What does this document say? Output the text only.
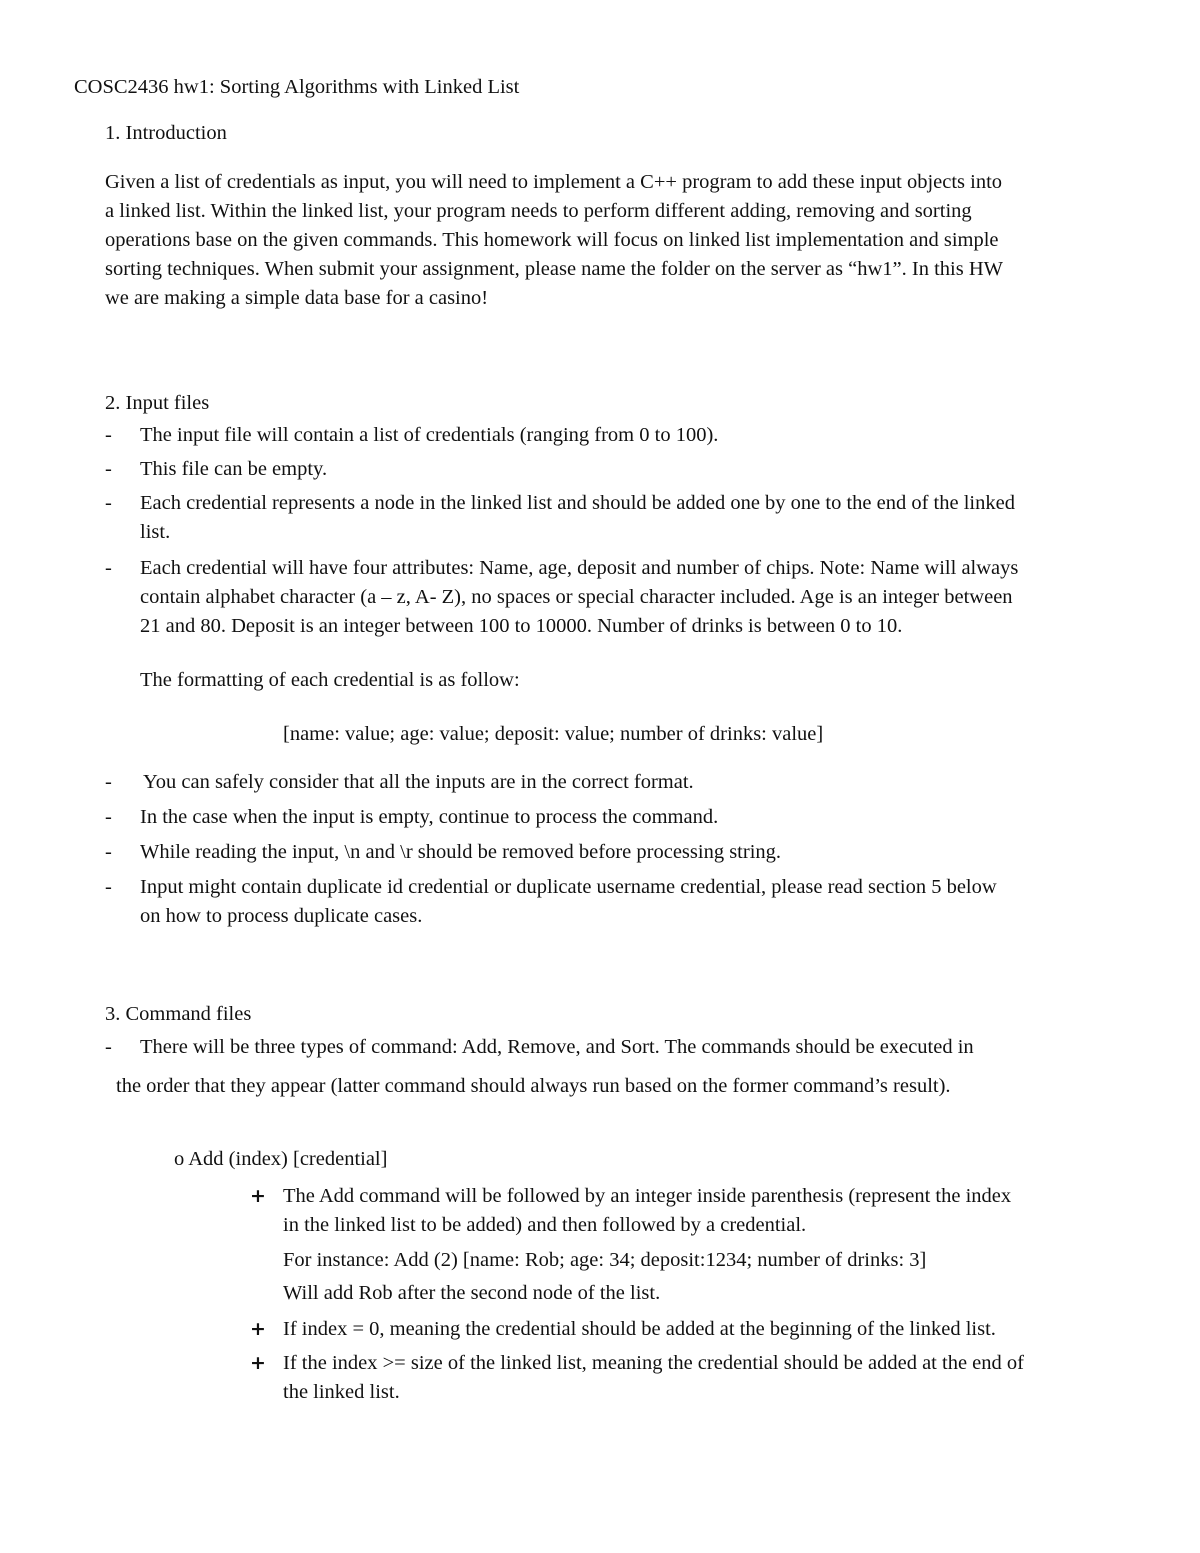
COSC2436 hw1: Sorting Algorithms with Linked List
1. Introduction
Given a list of credentials as input, you will need to implement a C++ program to add these input objects into
a linked list. Within the linked list, your program needs to perform different adding, removing and sorting
operations base on the given commands. This homework will focus on linked list implementation and simple
sorting techniques. When submit your assignment, please name the folder on the server as “hw1”. In this HW
we are making a simple data base for a casino!
2. Input files
- The input file will contain a list of credentials (ranging from 0 to 100).
- This file can be empty.
- Each credential represents a node in the linked list and should be added one by one to the end of the linked
list.
- Each credential will have four attributes: Name, age, deposit and number of chips. Note: Name will always
contain alphabet character (a – z, A- Z), no spaces or special character included. Age is an integer between
21 and 80. Deposit is an integer between 100 to 10000. Number of drinks is between 0 to 10.
The formatting of each credential is as follow:
[name: value; age: value; deposit: value; number of drinks: value]
- You can safely consider that all the inputs are in the correct format.
- In the case when the input is empty, continue to process the command.
- While reading the input, \n and \r should be removed before processing string.
- Input might contain duplicate id credential or duplicate username credential, please read section 5 below
on how to process duplicate cases.
3. Command files
- There will be three types of command: Add, Remove, and Sort. The commands should be executed in
the order that they appear (latter command should always run based on the former command’s result).
o Add (index) [credential]
+ The Add command will be followed by an integer inside parenthesis (represent the index
in the linked list to be added) and then followed by a credential.
For instance: Add (2) [name: Rob; age: 34; deposit:1234; number of drinks: 3]
Will add Rob after the second node of the list.
+ If index = 0, meaning the credential should be added at the beginning of the linked list.
+ If the index >= size of the linked list, meaning the credential should be added at the end of
the linked list.
